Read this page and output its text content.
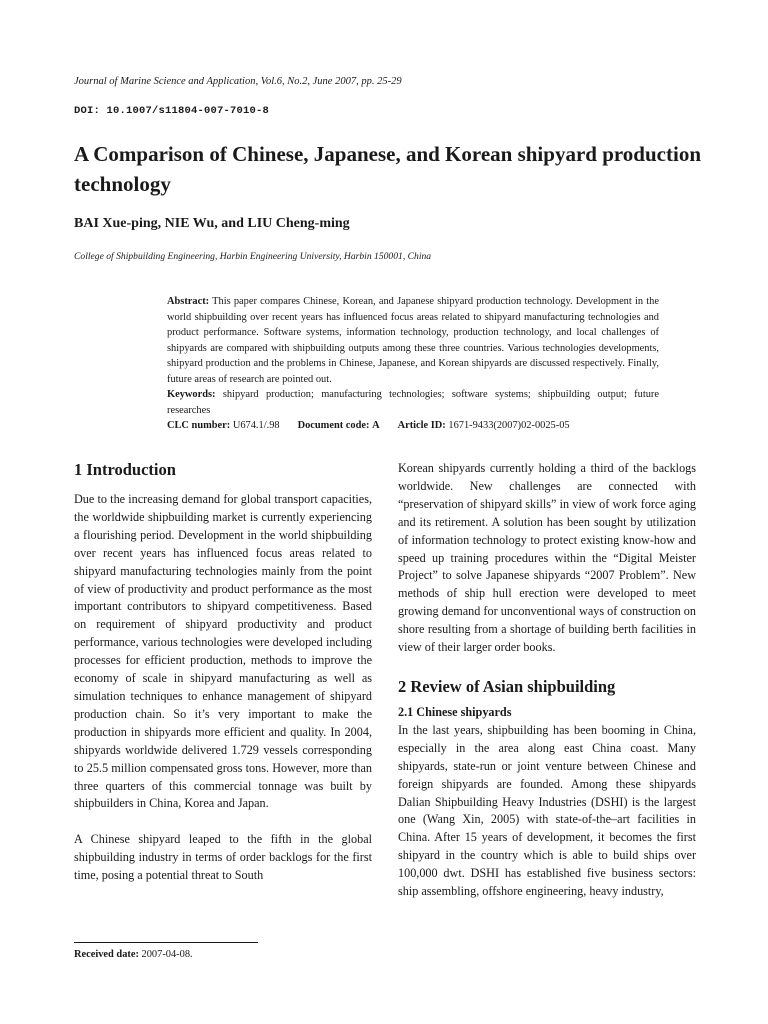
Journal of Marine Science and Application, Vol.6, No.2, June 2007, pp. 25-29
DOI: 10.1007/s11804-007-7010-8
A Comparison of Chinese, Japanese, and Korean shipyard production technology
BAI Xue-ping, NIE Wu, and LIU Cheng-ming
College of Shipbuilding Engineering, Harbin Engineering University, Harbin 150001, China

Abstract: This paper compares Chinese, Korean, and Japanese shipyard production technology. Development in the world shipbuilding over recent years has influenced focus areas related to shipyard manufacturing technologies and product performance. Software systems, information technology, production technology, and local challenges of shipyards are compared with shipbuilding outputs among these three countries. Various technologies developments, shipyard production and the problems in Chinese, Japanese, and Korean shipyards are discussed respectively. Finally, future areas of research are pointed out.

Keywords: shipyard production; manufacturing technologies; software systems; shipbuilding output; future researches

CLC number: U674.1/.98 Document code: A Article ID: 1671-9433(2007)02-0025-05
1 Introduction

Due to the increasing demand for global transport capacities, the worldwide shipbuilding market is currently experiencing a flourishing period. Development in the world shipbuilding over recent years has influenced focus areas related to shipyard manufacturing technologies mainly from the point of view of productivity and product performance as the most important contributors to shipyard competitiveness. Based on requirement of shipyard productivity and product performance, various technologies were developed including processes for efficient production, methods to improve the economy of scale in shipyard manufacturing as well as simulation techniques to enhance management of shipyard production chain. So it’s very important to make the production in shipyards more efficient and quality. In 2004, shipyards worldwide delivered 1.729 vessels corresponding to 25.5 million compensated gross tons. However, more than three quarters of this commercial tonnage was built by shipbuilders in China, Korea and Japan.

A Chinese shipyard leaped to the fifth in the global shipbuilding industry in terms of order backlogs for the first time, posing a potential threat to South

Korean shipyards currently holding a third of the backlogs worldwide. New challenges are connected with “preservation of shipyard skills” in view of work force aging and its retirement. A solution has been sought by utilization of information technology to protect existing know-how and speed up training procedures within the “Digital Meister Project” to solve Japanese shipyards “2007 Problem”. New methods of ship hull erection were developed to meet growing demand for unconventional ways of construction on shore resulting from a shortage of building berth facilities in view of their larger order books.

2 Review of Asian shipbuilding
2.1 Chinese shipyards

In the last years, shipbuilding has been booming in China, especially in the area along east China coast. Many shipyards, state-run or joint venture between Chinese and foreign shipyards are founded. Among these shipyards Dalian Shipbuilding Heavy Industries (DSHI) is the largest one (Wang Xin, 2005) with state-of-the–art facilities in China. After 15 years of development, it becomes the first shipyard in the country which is able to build ships over 100,000 dwt. DSHI has established five business sectors: ship assembling, offshore engineering, heavy industry,

Received date: 2007-04-08.
